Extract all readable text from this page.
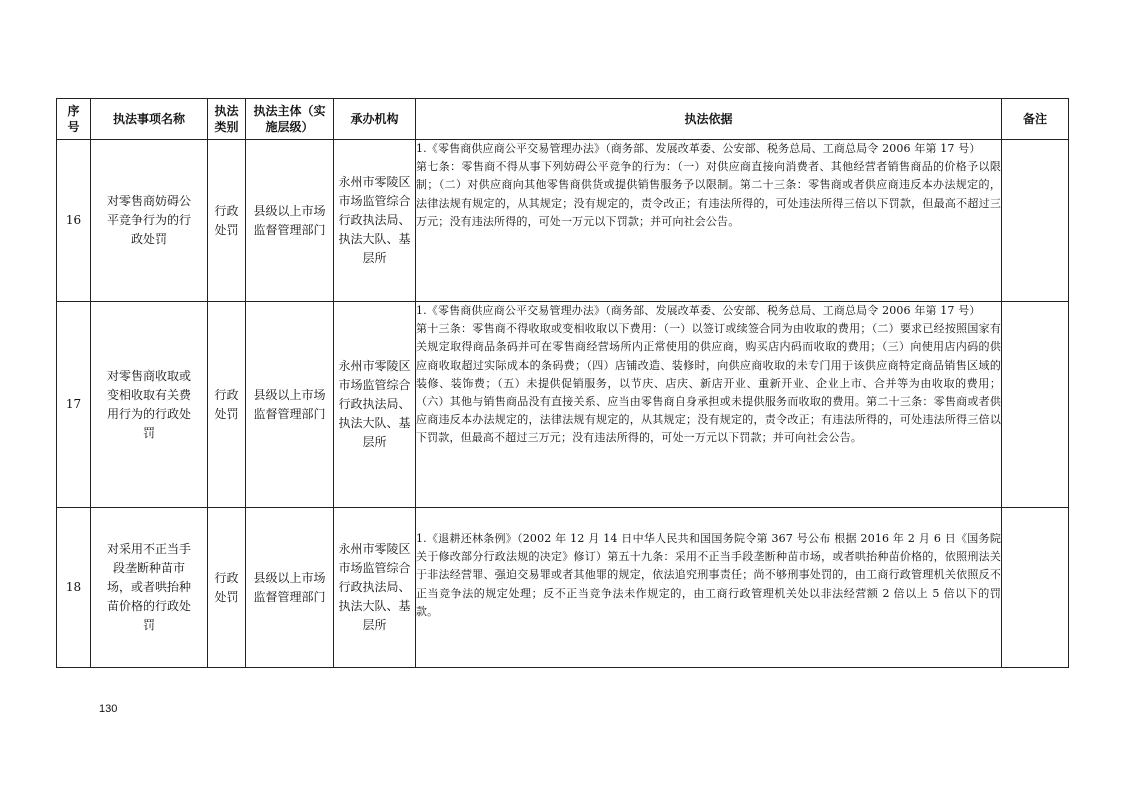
序号	执法事项名称	执法类别	执法主体（实施层级）	承办机构	执法依据	备注
16	对零售商妨碍公平竞争行为的行政处罚	行政处罚	县级以上市场监督管理部门	永州市零陵区市场监管综合行政执法局、执法大队、基层所	1.《零售商供应商公平交易管理办法》（商务部、发展改革委、公安部、税务总局、工商总局令 2006 年第 17 号）

第七条：零售商不得从事下列妨碍公平竞争的行为：（一）对供应商直接向消费者、其他经营者销售商品的价格予以限制；（二）对供应商向其他零售商供货或提供销售服务予以限制。第二十三条：零售商或者供应商违反本办法规定的，法律法规有规定的，从其规定；没有规定的，责令改正；有违法所得的，可处违法所得三倍以下罚款，但最高不超过三万元；没有违法所得的，可处一万元以下罚款；并可向社会公告。	

17	对零售商收取或变相收取有关费用行为的行政处罚	行政处罚	县级以上市场监督管理部门	永州市零陵区市场监管综合行政执法局、执法大队、基层所	1.《零售商供应商公平交易管理办法》（商务部、发展改革委、公安部、税务总局、工商总局令 2006 年第 17 号）

第十三条：零售商不得收取或变相收取以下费用：（一）以签订或续签合同为由收取的费用；（二）要求已经按照国家有关规定取得商品条码并可在零售商经营场所内正常使用的供应商，购买店内码而收取的费用；（三）向使用店内码的供应商收取超过实际成本的条码费；（四）店铺改造、装修时，向供应商收取的未专门用于该供应商特定商品销售区域的装修、装饰费；（五）未提供促销服务，以节庆、店庆、新店开业、重新开业、企业上市、合并等为由收取的费用；（六）其他与销售商品没有直接关系、应当由零售商自身承担或未提供服务而收取的费用。第二十三条：零售商或者供应商违反本办法规定的，法律法规有规定的，从其规定；没有规定的，责令改正；有违法所得的，可处违法所得三倍以下罚款，但最高不超过三万元；没有违法所得的，可处一万元以下罚款；并可向社会公告。	

18	对采用不正当手段垄断种苗市场，或者哄抬种苗价格的行政处罚	行政处罚	县级以上市场监督管理部门	永州市零陵区市场监管综合行政执法局、执法大队、基层所	1.《退耕还林条例》（2002 年 12 月 14 日中华人民共和国国务院令第 367 号公布 根据 2016 年 2 月 6 日《国务院关于修改部分行政法规的决定》修订）第五十九条：采用不正当手段垄断种苗市场，或者哄抬种苗价格的，依照刑法关于非法经营罪、强迫交易罪或者其他罪的规定，依法追究刑事责任；尚不够刑事处罚的，由工商行政管理机关依照反不正当竞争法的规定处理；反不正当竞争法未作规定的，由工商行政管理机关处以非法经营额 2 倍以上 5 倍以下的罚款。	

130
